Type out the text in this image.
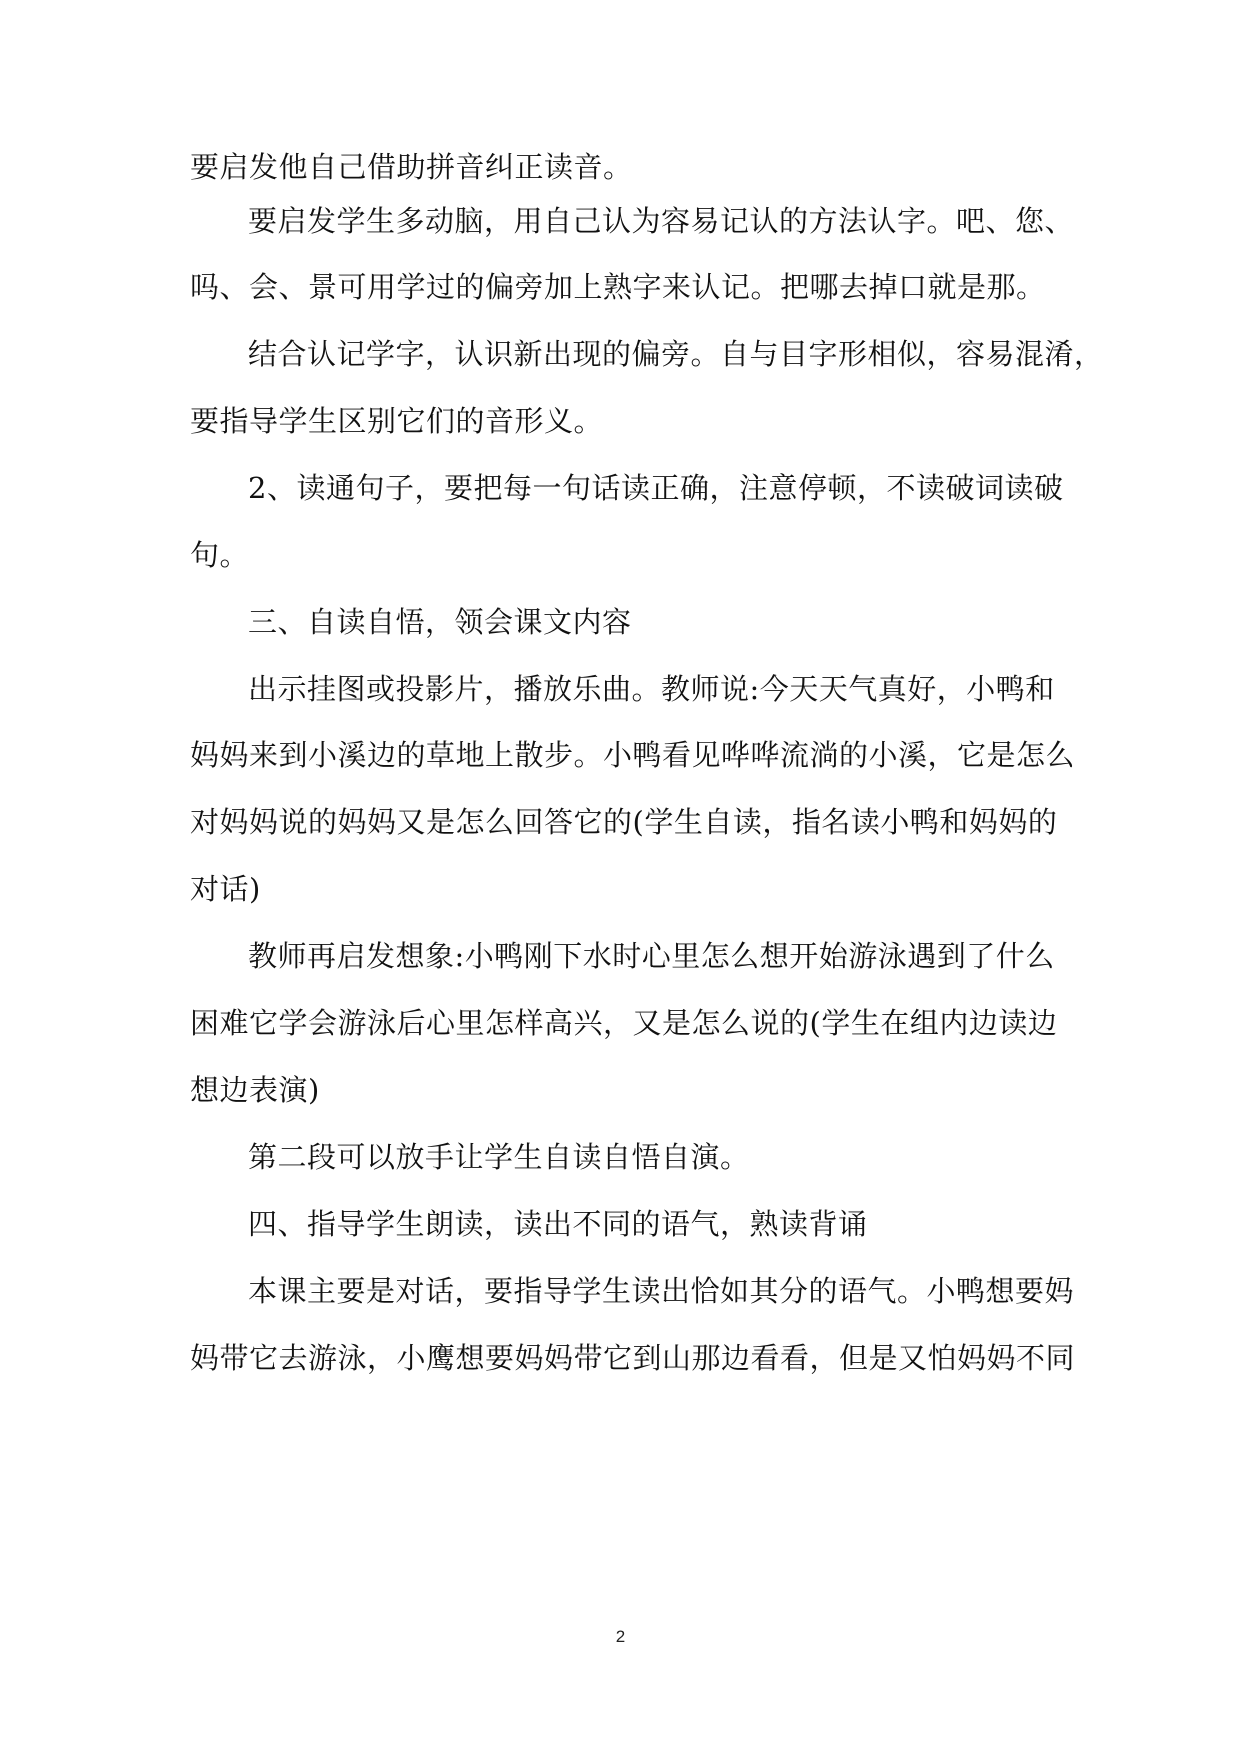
要启发他自己借助拼音纠正读音。
要启发学生多动脑，用自己认为容易记认的方法认字。吧、您、
吗、会、景可用学过的偏旁加上熟字来认记。把哪去掉口就是那。
结合认记学字，认识新出现的偏旁。自与目字形相似，容易混淆，
要指导学生区别它们的音形义。
2、读通句子，要把每一句话读正确，注意停顿，不读破词读破
句。
三、自读自悟，领会课文内容
出示挂图或投影片，播放乐曲。教师说:今天天气真好，小鸭和
妈妈来到小溪边的草地上散步。小鸭看见哗哗流淌的小溪，它是怎么
对妈妈说的妈妈又是怎么回答它的(学生自读，指名读小鸭和妈妈的
对话)
教师再启发想象:小鸭刚下水时心里怎么想开始游泳遇到了什么
困难它学会游泳后心里怎样高兴，又是怎么说的(学生在组内边读边
想边表演)
第二段可以放手让学生自读自悟自演。
四、指导学生朗读，读出不同的语气，熟读背诵
本课主要是对话，要指导学生读出恰如其分的语气。小鸭想要妈
妈带它去游泳，小鹰想要妈妈带它到山那边看看，但是又怕妈妈不同
2
